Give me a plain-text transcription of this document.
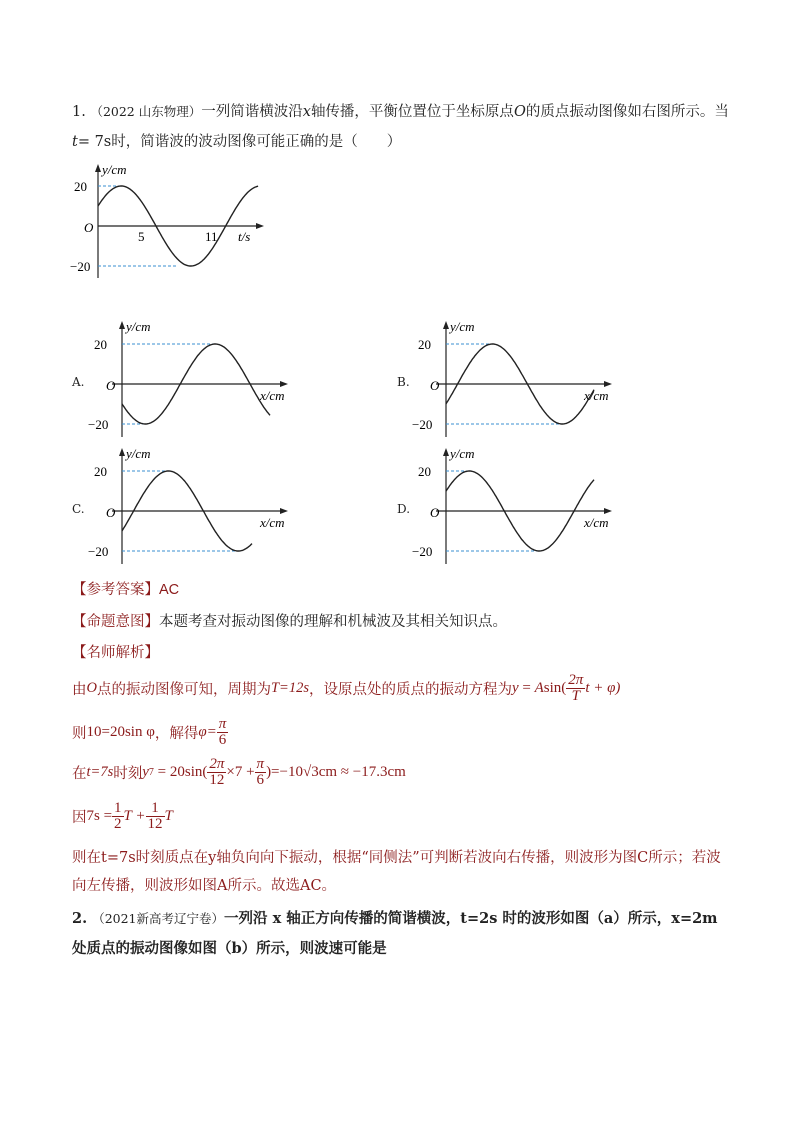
1. （2022 山东物理）一列简谐横波沿x轴传播，平衡位置位于坐标原点O的质点振动图像如右图所示。当
t= 7s时，简谐波的波动图像可能正确的是（　　）
y/cm
20
−20
O
5	11 t/s
A.	B.
C.	D.
y/cm
20
−20
O
x/cm
y/cm
20
−20
O
x/cm
y/cm
20
−20
O
x/cm
y/cm
20
−20
O
x/cm
【参考答案】AC
【命题意图】本题考查对振动图像的理解和机械波及其相关知识点。
【名师解析】
由 O 点的振动图像可知，周期为 T=12s ，设原点处的质点的振动方程为 y = A $\sin( \frac{2\pi}{T}$ t + φ)
则 10=20sin φ ，解得 $\varphi= \frac{\pi}{6}$
在 t=7s 时刻 y $7 = 20\sin( \frac{2\pi}{12} \times 7 + \frac{\pi}{6} )=-10√3cm \approx -17.3cm$
因 $7s = \frac{1}{2}$ $T + \frac{1}{12}$ T
则在t=7s时刻质点在y轴负向向下振动，根据“同侧法”可判断若波向右传播，则波形为图C所示；若波
向左传播，则波形如图A所示。故选AC。
2. （2021新高考辽宁卷）一列沿 x 轴正方向传播的简谐横波，t=2s 时的波形如图（a）所示，x=2m
处质点的振动图像如图（b）所示，则波速可能是
